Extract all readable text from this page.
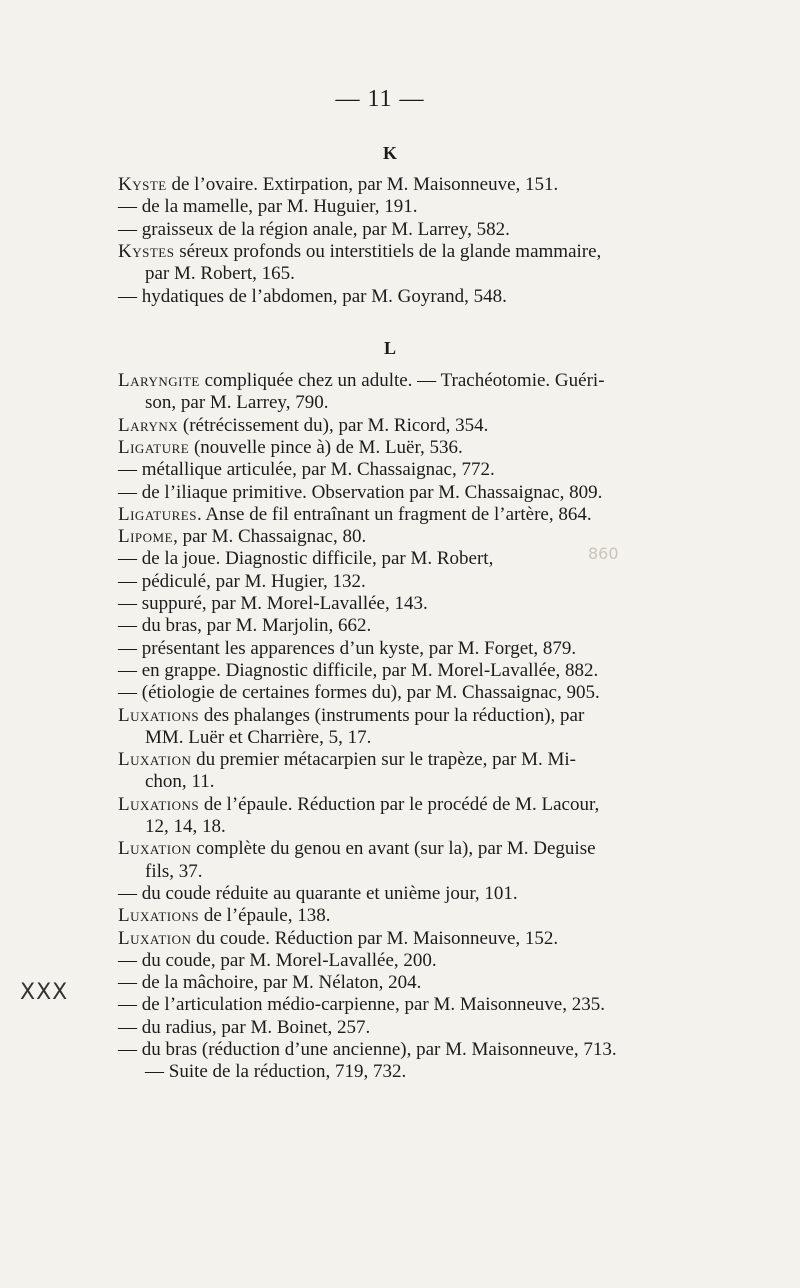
— 11 —
860
XXX
K
Kyste de l’ovaire. Extirpation, par M. Maisonneuve, 151.
— de la mamelle, par M. Huguier, 191.
— graisseux de la région anale, par M. Larrey, 582.
Kystes séreux profonds ou interstitiels de la glande mammaire,
par M. Robert, 165.
— hydatiques de l’abdomen, par M. Goyrand, 548.
L
Laryngite compliquée chez un adulte. — Trachéotomie. Guéri-
son, par M. Larrey, 790.
Larynx (rétrécissement du), par M. Ricord, 354.
Ligature (nouvelle pince à) de M. Luër, 536.
— métallique articulée, par M. Chassaignac, 772.
— de l’iliaque primitive. Observation par M. Chassaignac, 809.
Ligatures. Anse de fil entraînant un fragment de l’artère, 864.
Lipome, par M. Chassaignac, 80.
— de la joue. Diagnostic difficile, par M. Robert,
— pédiculé, par M. Hugier, 132.
— suppuré, par M. Morel-Lavallée, 143.
— du bras, par M. Marjolin, 662.
— présentant les apparences d’un kyste, par M. Forget, 879.
— en grappe. Diagnostic difficile, par M. Morel-Lavallée, 882.
— (étiologie de certaines formes du), par M. Chassaignac, 905.
Luxations des phalanges (instruments pour la réduction), par
MM. Luër et Charrière, 5, 17.
Luxation du premier métacarpien sur le trapèze, par M. Mi-
chon, 11.
Luxations de l’épaule. Réduction par le procédé de M. Lacour,
12, 14, 18.
Luxation complète du genou en avant (sur la), par M. Deguise
fils, 37.
— du coude réduite au quarante et unième jour, 101.
Luxations de l’épaule, 138.
Luxation du coude. Réduction par M. Maisonneuve, 152.
— du coude, par M. Morel-Lavallée, 200.
— de la mâchoire, par M. Nélaton, 204.
— de l’articulation médio-carpienne, par M. Maisonneuve, 235.
— du radius, par M. Boinet, 257.
— du bras (réduction d’une ancienne), par M. Maisonneuve, 713.
— Suite de la réduction, 719, 732.
